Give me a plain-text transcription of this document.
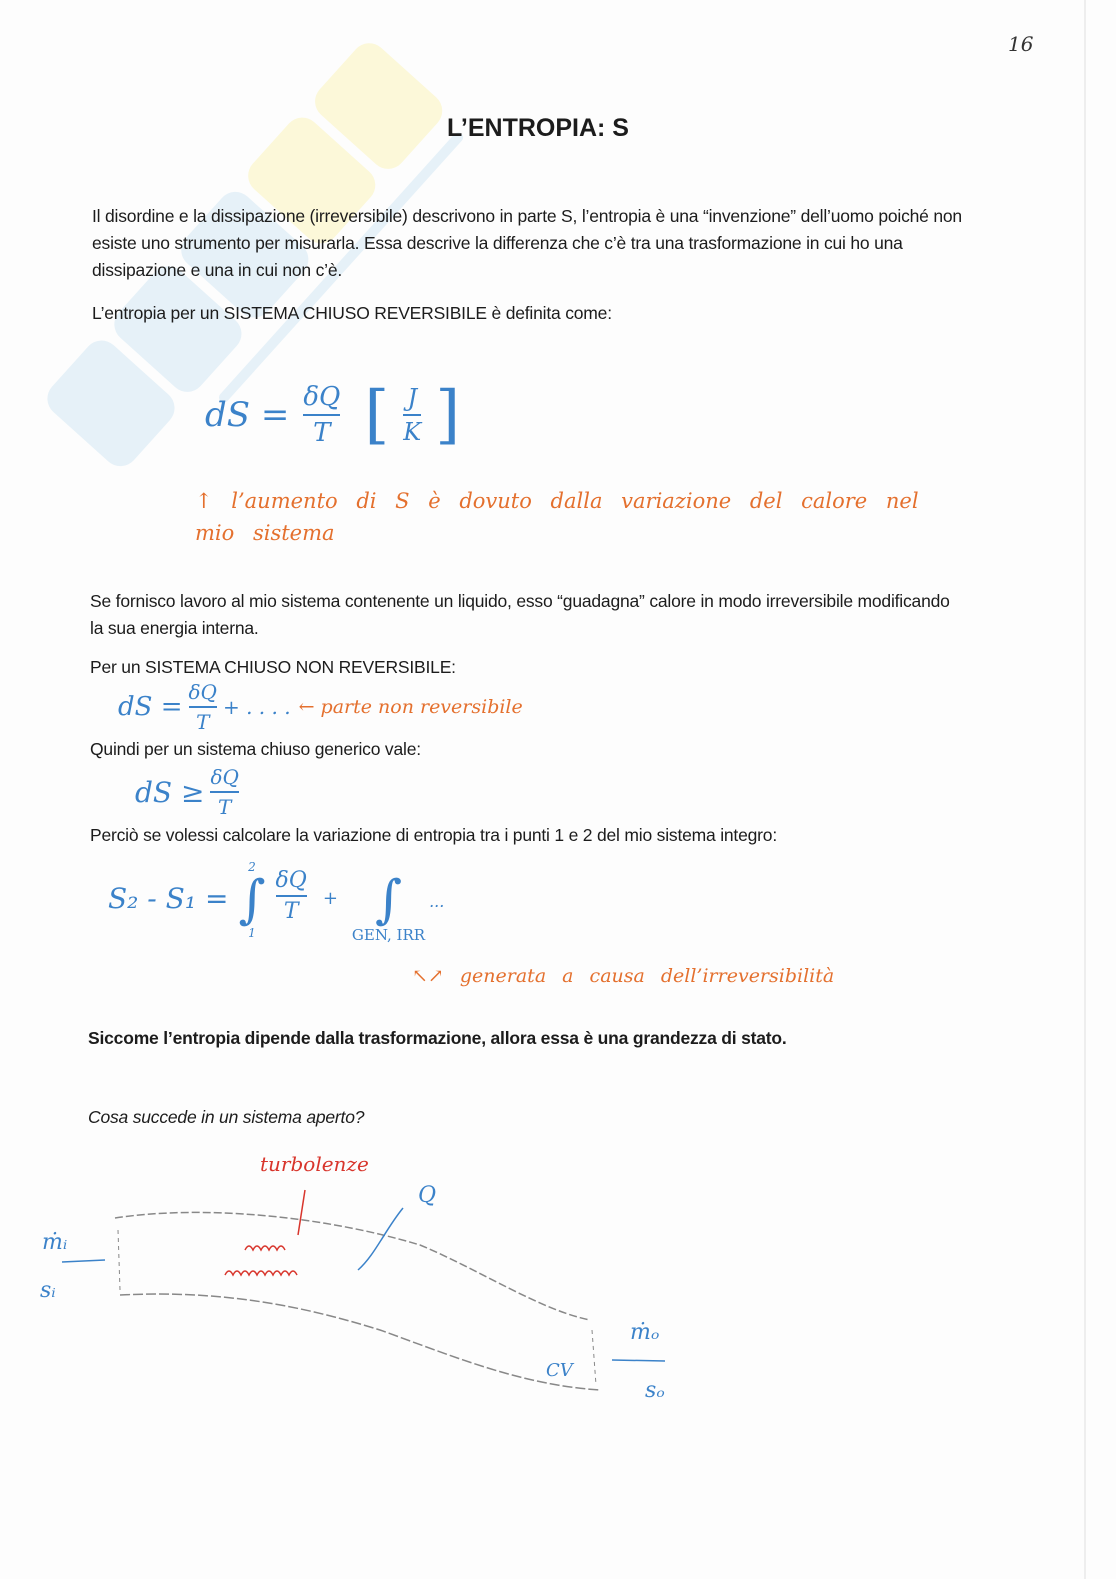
16
L’ENTROPIA: S
Il disordine e la dissipazione (irreversibile) descrivono in parte S, l’entropia è una “invenzione” dell’uomo poiché non esiste uno strumento per misurarla. Essa descrive la differenza che c’è tra una trasformazione in cui ho una dissipazione e una in cui non c’è.
L’entropia per un SISTEMA CHIUSO REVERSIBILE è definita come:
dS = $\frac{\delta Q}{T}$ [ $\frac{J}{K}$ ]
↑ l’aumento di S è dovuto dalla variazione del calore nel mio sistema
Se fornisco lavoro al mio sistema contenente un liquido, esso “guadagna” calore in modo irreversibile modificando la sua energia interna.
Per un SISTEMA CHIUSO NON REVERSIBILE:
dS = $\frac{\delta Q}{T}$ + . . . . ← parte non reversibile
Quindi per un sistema chiuso generico vale:
dS ≥ $\frac{\delta Q}{T}$
Perciò se volessi calcolare la variazione di entropia tra i punti 1 e 2 del mio sistema integro:
S₂ - S₁ =
2
∫
1
$\frac{\delta Q}{T}$ + ∫
GEN, IRR
...
↖↗ generata a causa dell’irreversibilità
Siccome l’entropia dipende dalla trasformazione, allora essa è una grandezza di stato.
Cosa succede in un sistema aperto?
turbolenze
Q
ṁᵢ
sᵢ
ṁₒ
sₒ
CV
